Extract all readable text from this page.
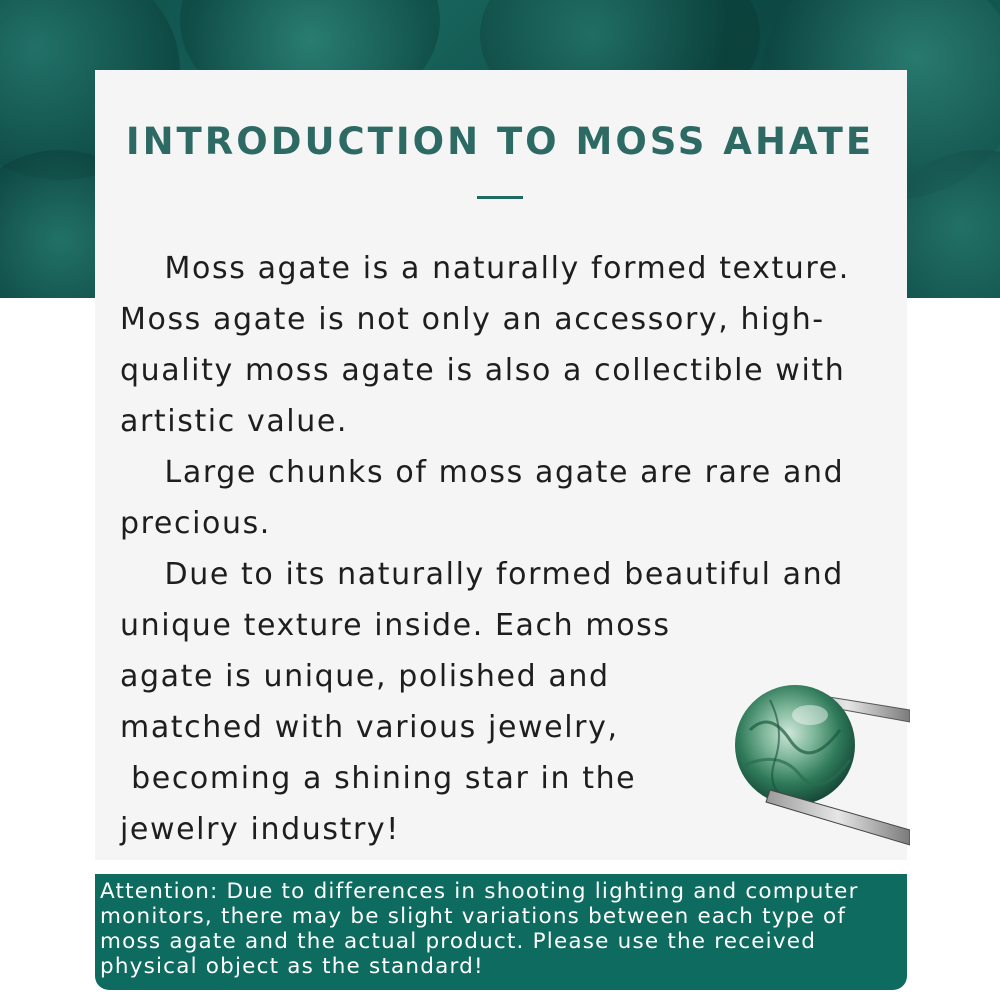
INTRODUCTION TO MOSS AHATE
Moss agate is a naturally formed texture.
Moss agate is not only an accessory, high-
quality moss agate is also a collectible with
artistic value.
Large chunks of moss agate are rare and
precious.
Due to its naturally formed beautiful and
unique texture inside. Each moss
agate is unique, polished and
matched with various jewelry,
becoming a shining star in the
jewelry industry!
Attention: Due to differences in shooting lighting and computer
monitors, there may be slight variations between each type of
moss agate and the actual product. Please use the received
physical object as the standard!
